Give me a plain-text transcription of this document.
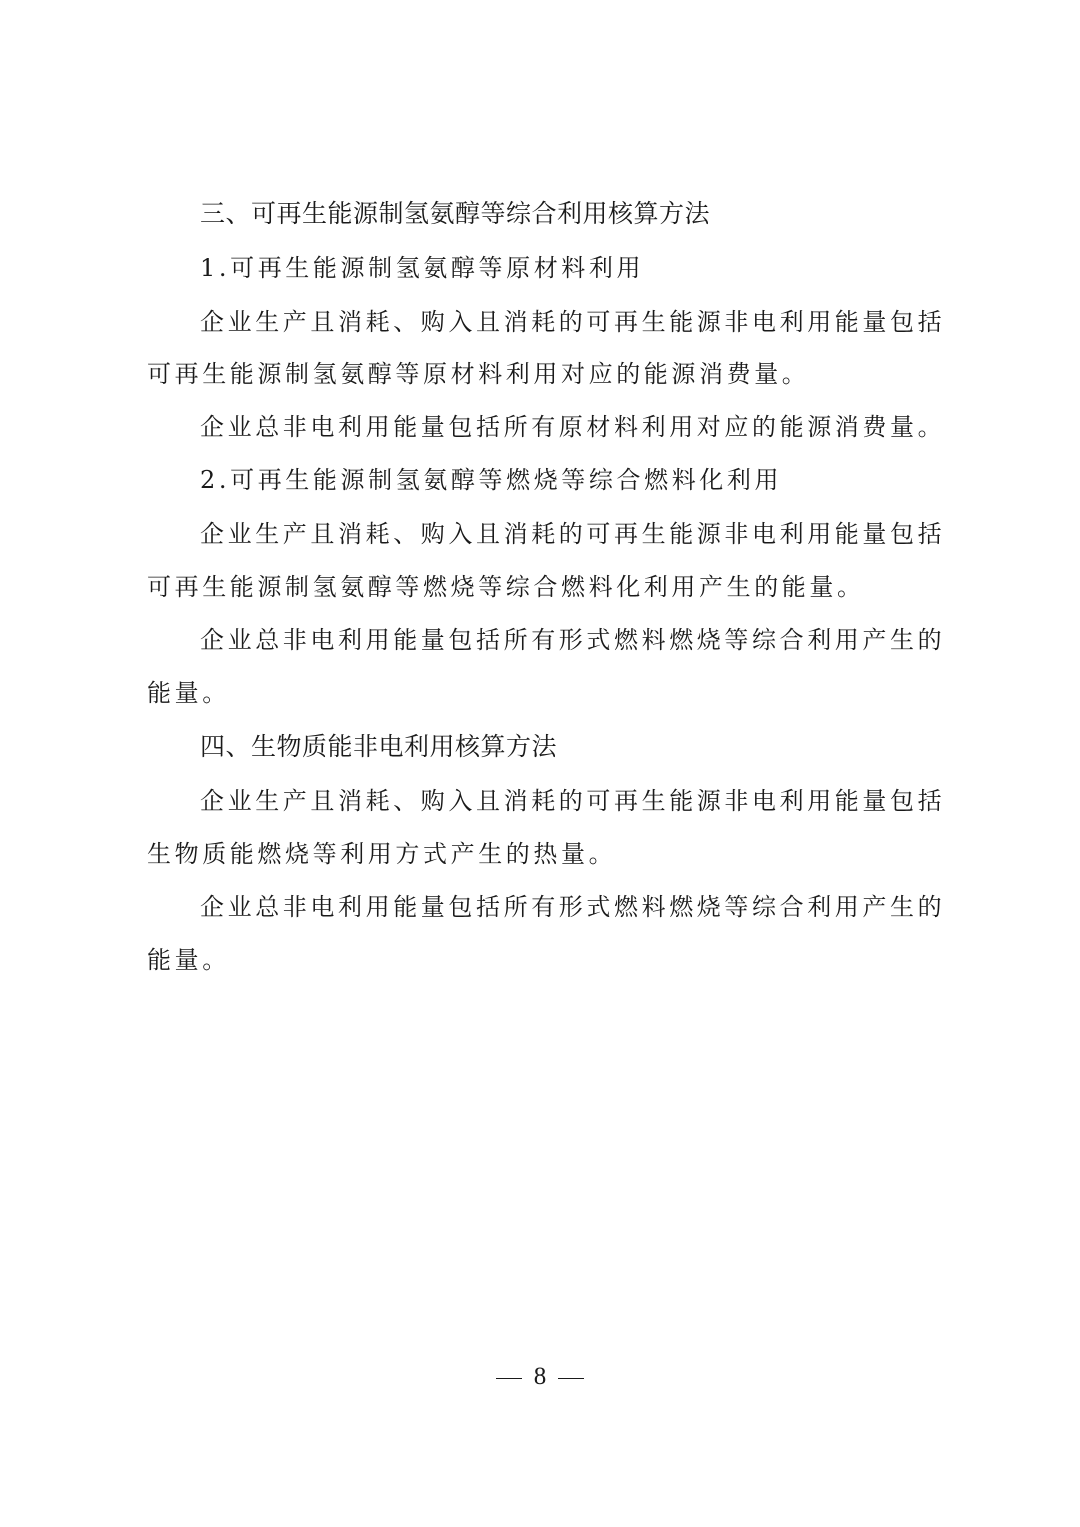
三、可再生能源制氢氨醇等综合利用核算方法
1.可再生能源制氢氨醇等原材料利用
企业生产且消耗、购入且消耗的可再生能源非电利用能量包括
可再生能源制氢氨醇等原材料利用对应的能源消费量。
企业总非电利用能量包括所有原材料利用对应的能源消费量。
2.可再生能源制氢氨醇等燃烧等综合燃料化利用
企业生产且消耗、购入且消耗的可再生能源非电利用能量包括
可再生能源制氢氨醇等燃烧等综合燃料化利用产生的能量。
企业总非电利用能量包括所有形式燃料燃烧等综合利用产生的
能量。
四、生物质能非电利用核算方法
企业生产且消耗、购入且消耗的可再生能源非电利用能量包括
生物质能燃烧等利用方式产生的热量。
企业总非电利用能量包括所有形式燃料燃烧等综合利用产生的
能量。
8
